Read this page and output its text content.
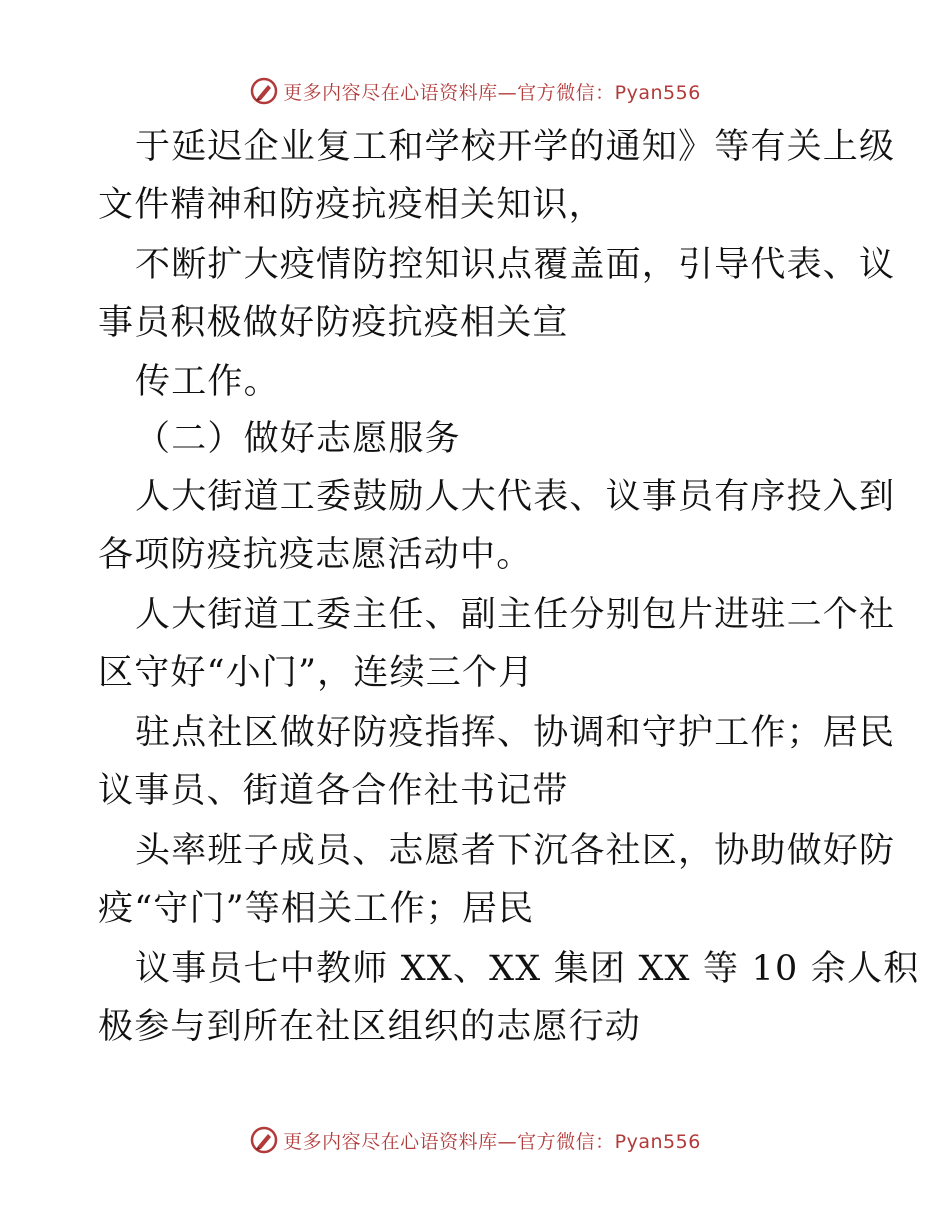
更多内容尽在心语资料库—官方微信：Pyan556
于延迟企业复工和学校开学的通知》等有关上级
文件精神和防疫抗疫相关知识，
不断扩大疫情防控知识点覆盖面，引导代表、议
事员积极做好防疫抗疫相关宣
传工作。
（二）做好志愿服务
人大街道工委鼓励人大代表、议事员有序投入到
各项防疫抗疫志愿活动中。
人大街道工委主任、副主任分别包片进驻二个社
区守好“小门”，连续三个月
驻点社区做好防疫指挥、协调和守护工作；居民
议事员、街道各合作社书记带
头率班子成员、志愿者下沉各社区，协助做好防
疫“守门”等相关工作；居民
议事员七中教师 XX、XX 集团 XX 等 10 余人积
极参与到所在社区组织的志愿行动
更多内容尽在心语资料库—官方微信：Pyan556
